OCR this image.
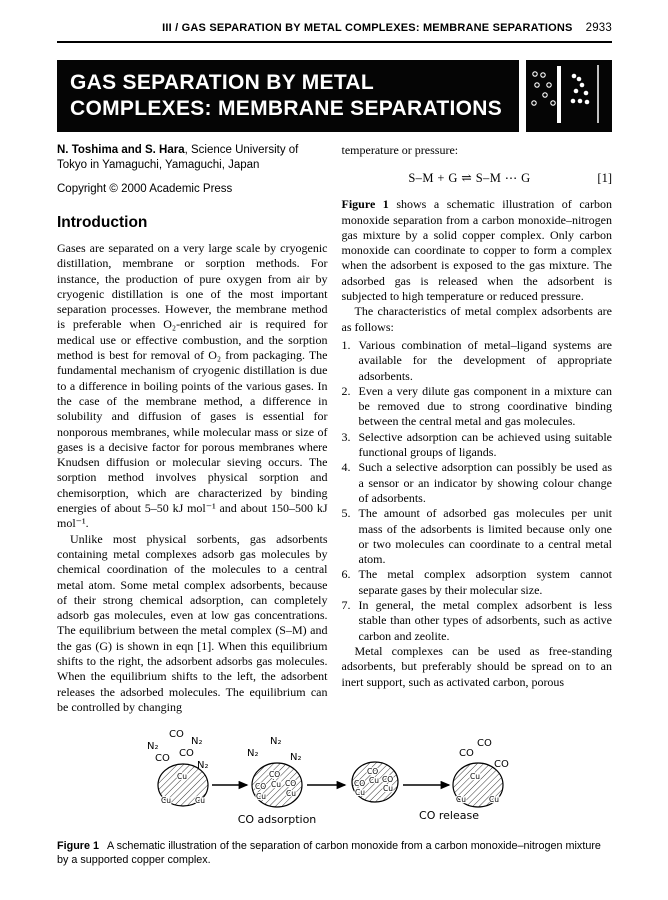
III / GAS SEPARATION BY METAL COMPLEXES: MEMBRANE SEPARATIONS 2933
GAS SEPARATION BY METAL
COMPLEXES: MEMBRANE SEPARATIONS

N. Toshima and S. Hara, Science University of Tokyo in Yamaguchi, Yamaguchi, Japan

Copyright © 2000 Academic Press

Introduction

Gases are separated on a very large scale by cryogenic distillation, membrane or sorption methods. For instance, the production of pure oxygen from air by cryogenic distillation is one of the most important separation processes. However, the membrane method is preferable when O₂-enriched air is required for medical use or effective combustion, and the sorption method is best for removal of O₂ from packaging. The fundamental mechanism of cryogenic distillation is due to a difference in boiling points of the various gases. In the case of the membrane method, a difference in solubility and diffusion of gases is essential for nonporous membranes, while molecular mass or size of gases is a decisive factor for porous membranes where Knudsen diffusion or molecular sieving occurs. The sorption method involves physical sorption and chemisorption, which are characterized by binding energies of about 5–50 kJ mol⁻¹ and about 150–500 kJ mol⁻¹.

Unlike most physical sorbents, gas adsorbents containing metal complexes adsorb gas molecules by chemical coordination of the molecules to a central metal atom. Some metal complex adsorbents, because of their strong chemical adsorption, can completely adsorb gas molecules, even at low gas concentrations. The equilibrium between the metal complex (S–M) and the gas (G) is shown in eqn [1]. When this equilibrium shifts to the right, the adsorbent adsorbs gas molecules. When the equilibrium shifts to the left, the adsorbent releases the adsorbed molecules. The equilibrium can be controlled by changing

temperature or pressure:

S–M + G ⇌ S–M ⋯ G	[1]

Figure 1 shows a schematic illustration of carbon monoxide separation from a carbon monoxide–nitrogen gas mixture by a solid copper complex. Only carbon monoxide can coordinate to copper to form a complex when the adsorbent is exposed to the gas mixture. The adsorbed gas is released when the adsorbent is subjected to high temperature or reduced pressure.

The characteristics of metal complex adsorbents are as follows:

1. Various combination of metal–ligand systems are available for the development of appropriate adsorbents.
2. Even a very dilute gas component in a mixture can be removed due to strong coordinative binding between the central metal and gas molecules.
3. Selective adsorption can be achieved using suitable functional groups of ligands.
4. Such a selective adsorption can possibly be used as a sensor or an indicator by showing colour change of adsorbents.
5. The amount of adsorbed gas molecules per unit mass of the adsorbents is limited because only one or two molecules can coordinate to a central metal atom.
6. The metal complex adsorption system cannot separate gases by their molecular size.
7. In general, the metal complex adsorbent is less stable than other types of adsorbents, such as active carbon and zeolite.

Metal complexes can be used as free-standing adsorbents, but preferably should be spread on to an inert support, such as activated carbon, porous

CO
N₂	N₂
CO CO
N₂
N₂
N₂
N₂	CO
CO
CO
Cu
Cu	Cu
CO
Cu
CO
Cu
CO
Cu
CO
Cu
CO
Cu
CO
Cu
Cu
Cu	Cu
CO adsorption	CO release

Figure 1 A schematic illustration of the separation of carbon monoxide from a carbon monoxide–nitrogen mixture by a supported copper complex.
